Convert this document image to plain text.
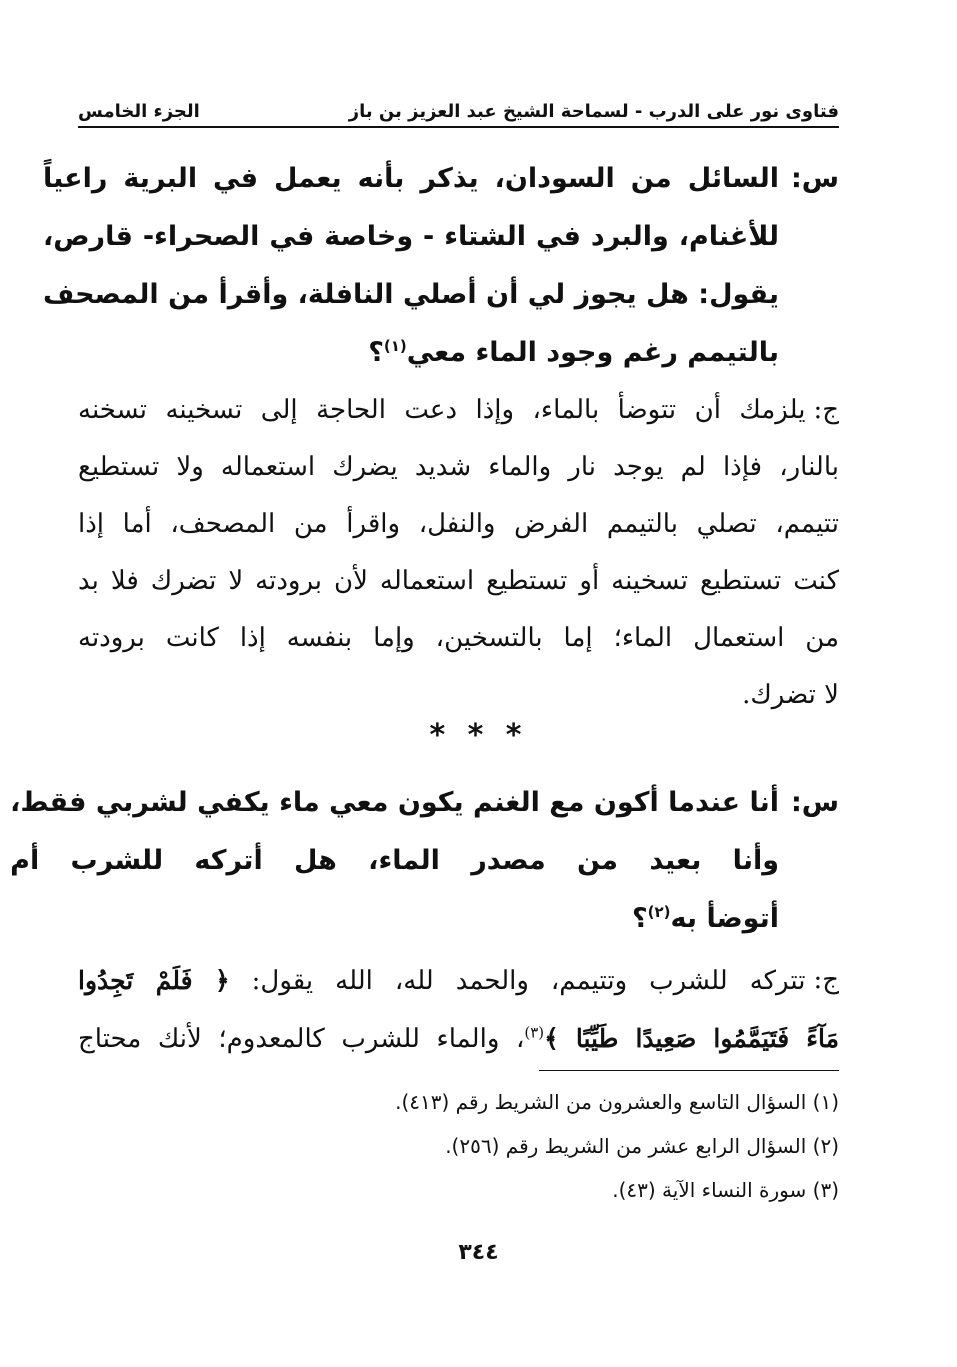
فتاوى نور على الدرب - لسماحة الشيخ عبد العزيز بن باز
الجزء الخامس
س:
السائل من السودان، يذكر بأنه يعمل في البرية راعياً
للأغنام، والبرد في الشتاء - وخاصة في الصحراء- قارص،
يقول: هل يجوز لي أن أصلي النافلة، وأقرأ من المصحف
بالتيمم رغم وجود الماء معي$^{(١)}$؟
ج:
يلزمك أن تتوضأ بالماء، وإذا دعت الحاجة إلى تسخينه تسخنه
بالنار، فإذا لم يوجد نار والماء شديد يضرك استعماله ولا تستطيع
تتيمم، تصلي بالتيمم الفرض والنفل، واقرأ من المصحف، أما إذا
كنت تستطيع تسخينه أو تستطيع استعماله لأن برودته لا تضرك فلا بد
من استعمال الماء؛ إما بالتسخين، وإما بنفسه إذا كانت برودته
لا تضرك.
* * *
س:
أنا عندما أكون مع الغنم يكون معي ماء يكفي لشربي فقط،
وأنا بعيد من مصدر الماء، هل أتركه للشرب أم
أتوضأ به$^{(٢)}$؟
ج:
تتركه للشرب وتتيمم، والحمد لله، الله يقول: ﴿ فَلَمْ تَجِدُوا
مَآءً فَتَيَمَّمُوا صَعِيدًا طَيِّبًا ﴾$^{(٣)}$، والماء للشرب كالمعدوم؛ لأنك محتاج
(١) السؤال التاسع والعشرون من الشريط رقم (٤١٣).
(٢) السؤال الرابع عشر من الشريط رقم (٢٥٦).
(٣) سورة النساء الآية (٤٣).
٣٤٤
